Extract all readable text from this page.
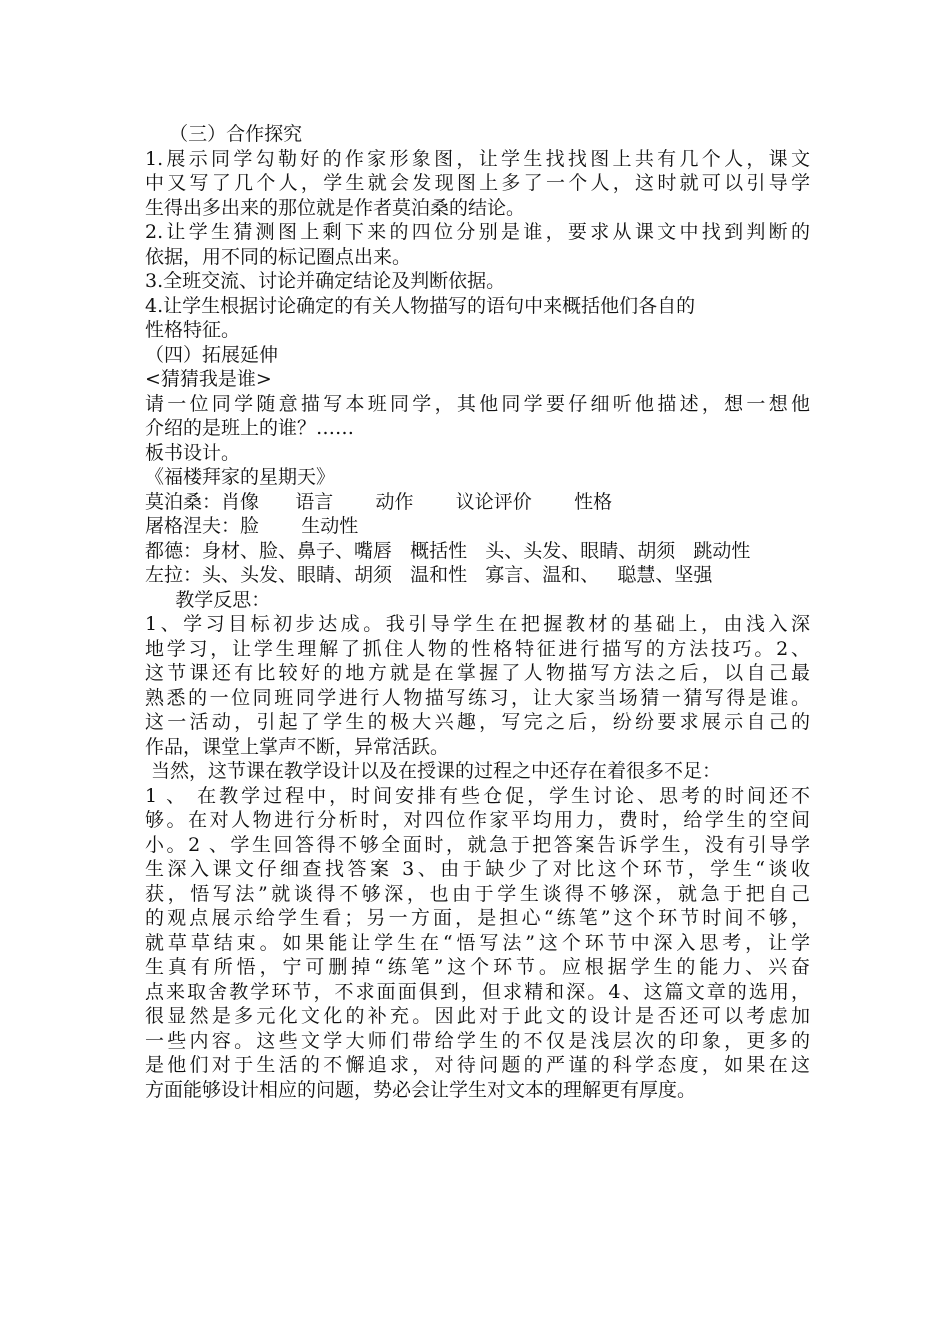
（三）合作探究
1.展示同学勾勒好的作家形象图，让学生找找图上共有几个人，课文
中又写了几个人，学生就会发现图上多了一个人，这时就可以引导学
生得出多出来的那位就是作者莫泊桑的结论。
2.让学生猜测图上剩下来的四位分别是谁，要求从课文中找到判断的
依据，用不同的标记圈点出来。
3.全班交流、讨论并确定结论及判断依据。
4.让学生根据讨论确定的有关人物描写的语句中来概括他们各自的
性格特征。
（四）拓展延伸
<猜猜我是谁>
请一位同学随意描写本班同学，其他同学要仔细听他描述，想一想他
介绍的是班上的谁？……
板书设计。
《福楼拜家的星期天》
莫泊桑：肖像      语言       动作       议论评价       性格
屠格涅夫：脸       生动性
都德：身材、脸、鼻子、嘴唇   概括性   头、头发、眼睛、胡须   跳动性
左拉：头、头发、眼睛、胡须   温和性   寡言、温和、   聪慧、坚强
教学反思：
1、学习目标初步达成。我引导学生在把握教材的基础上，由浅入深
地学习，让学生理解了抓住人物的性格特征进行描写的方法技巧。2、
这节课还有比较好的地方就是在掌握了人物描写方法之后，以自己最
熟悉的一位同班同学进行人物描写练习，让大家当场猜一猜写得是谁。
这一活动，引起了学生的极大兴趣，写完之后，纷纷要求展示自己的
作品，课堂上掌声不断，异常活跃。
当然，这节课在教学设计以及在授课的过程之中还存在着很多不足：
1 、 在教学过程中，时间安排有些仓促，学生讨论、思考的时间还不
够。在对人物进行分析时，对四位作家平均用力，费时，给学生的空间
小。2 、学生回答得不够全面时，就急于把答案告诉学生，没有引导学
生深入课文仔细查找答案 3、由于缺少了对比这个环节，学生“谈收
获，悟写法”就谈得不够深，也由于学生谈得不够深，就急于把自己
的观点展示给学生看；另一方面，是担心“练笔”这个环节时间不够，
就草草结束。如果能让学生在“悟写法”这个环节中深入思考，让学
生真有所悟，宁可删掉“练笔”这个环节。应根据学生的能力、兴奋
点来取舍教学环节，不求面面俱到，但求精和深。4、这篇文章的选用，
很显然是多元化文化的补充。因此对于此文的设计是否还可以考虑加
一些内容。这些文学大师们带给学生的不仅是浅层次的印象，更多的
是他们对于生活的不懈追求，对待问题的严谨的科学态度，如果在这
方面能够设计相应的问题，势必会让学生对文本的理解更有厚度。
